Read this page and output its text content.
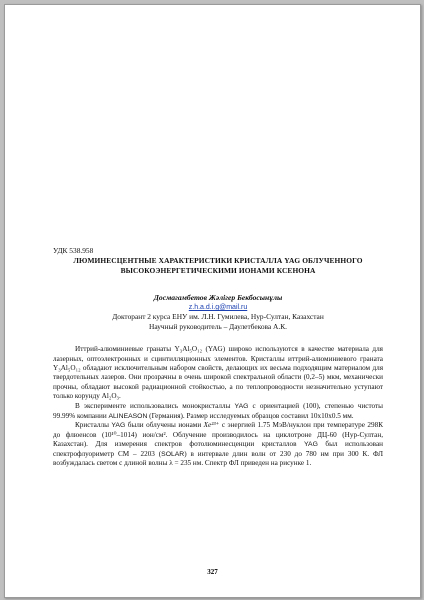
УДК 538.958
ЛЮМИНЕСЦЕНТНЫЕ ХАРАКТЕРИСТИКИ КРИСТАЛЛА YAG ОБЛУЧЕННОГО
ВЫСОКОЭНЕРГЕТИЧЕСКИМИ ИОНАМИ КСЕНОНА
Досмагамбетов Жәлігер Бекбосынұлы
z.h.a.d.i.g@mail.ru
Докторант 2 курса ЕНУ им. Л.Н. Гумилева, Нур-Султан, Казахстан
Научный руководитель – Даулетбекова А.К.

Иттрий-алюминиевые гранаты Y₃Al₅O₁₂ (YAG) широко используются в качестве материала для лазерных, оптоэлектронных и сцинтилляционных элементов. Кристаллы иттрий-алюминиевого граната Y₃Al₅O₁₂ обладают исключительным набором свойств, делающих их весьма подходящим материалом для твердотельных лазеров. Они прозрачны в очень широкой спектральной области (0,2–5) мкм, механически прочны, обладают высокой радиационной стойкостью, а по теплопроводности незначительно уступают только корунду Al₂O₃.

В эксперименте использовались монокристаллы YAG с ориентацией (100), степенью чистоты 99.99% компании ALINEASON (Германия). Размер исследуемых образцов составил 10х10х0.5 мм.

Кристаллы YAG были облучены ионами Xe²³⁺ с энергией 1.75 МэВ/нуклон при температуре 298К до флюенсов (10¹⁰–1014) ион/см². Облучение производилось на циклотроне ДЦ-60 (Нур-Султан, Казахстан). Для измерения спектров фотолюминесценции кристаллов YAG был использован спектрофлуориметр СМ – 2203 (SOLAR) в интервале длин волн от 230 до 780 нм при 300 К. ФЛ возбуждалась светом с длиной волны λ = 235 нм. Спектр ФЛ приведен на рисунке 1.

327
